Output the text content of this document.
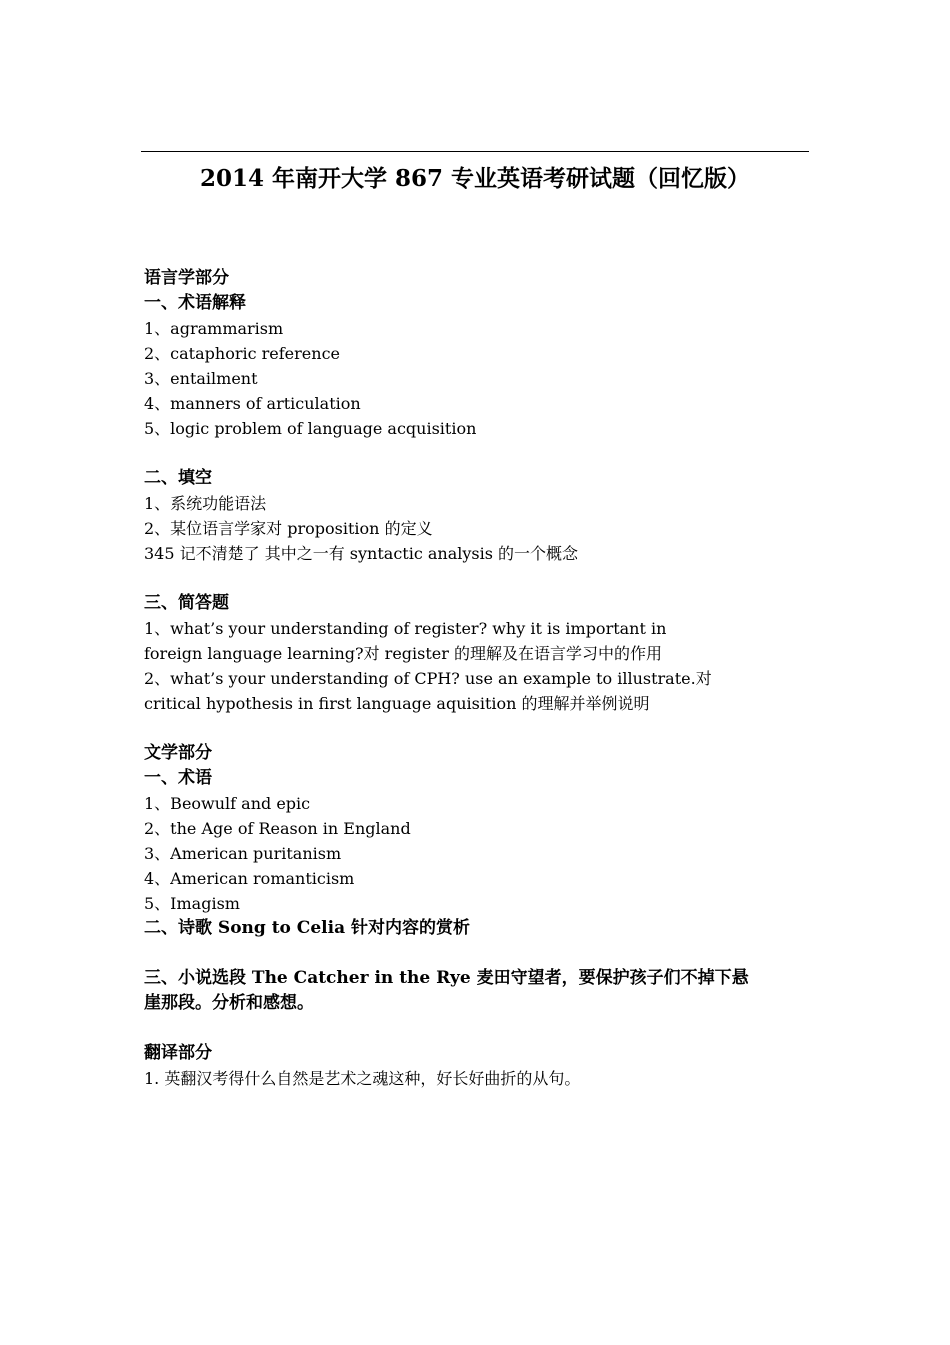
2014 年南开大学 867 专业英语考研试题（回忆版）
语言学部分
一、术语解释
1、agrammarism
2、cataphoric reference
3、entailment
4、manners of articulation
5、logic problem of language acquisition
二、填空
1、系统功能语法
2、某位语言学家对 proposition 的定义
345 记不清楚了 其中之一有 syntactic analysis 的一个概念
三、简答题
1、what’s your understanding of register? why it is important in
foreign language learning?对 register 的理解及在语言学习中的作用
2、what’s your understanding of CPH? use an example to illustrate.对
critical hypothesis in first language aquisition 的理解并举例说明
文学部分
一、术语
1、Beowulf and epic
2、the Age of Reason in England
3、American puritanism
4、American romanticism
5、Imagism
二、诗歌 Song to Celia 针对内容的赏析
三、小说选段 The Catcher in the Rye 麦田守望者，要保护孩子们不掉下悬
崖那段。分析和感想。
翻译部分
1. 英翻汉考得什么自然是艺术之魂这种，好长好曲折的从句。
